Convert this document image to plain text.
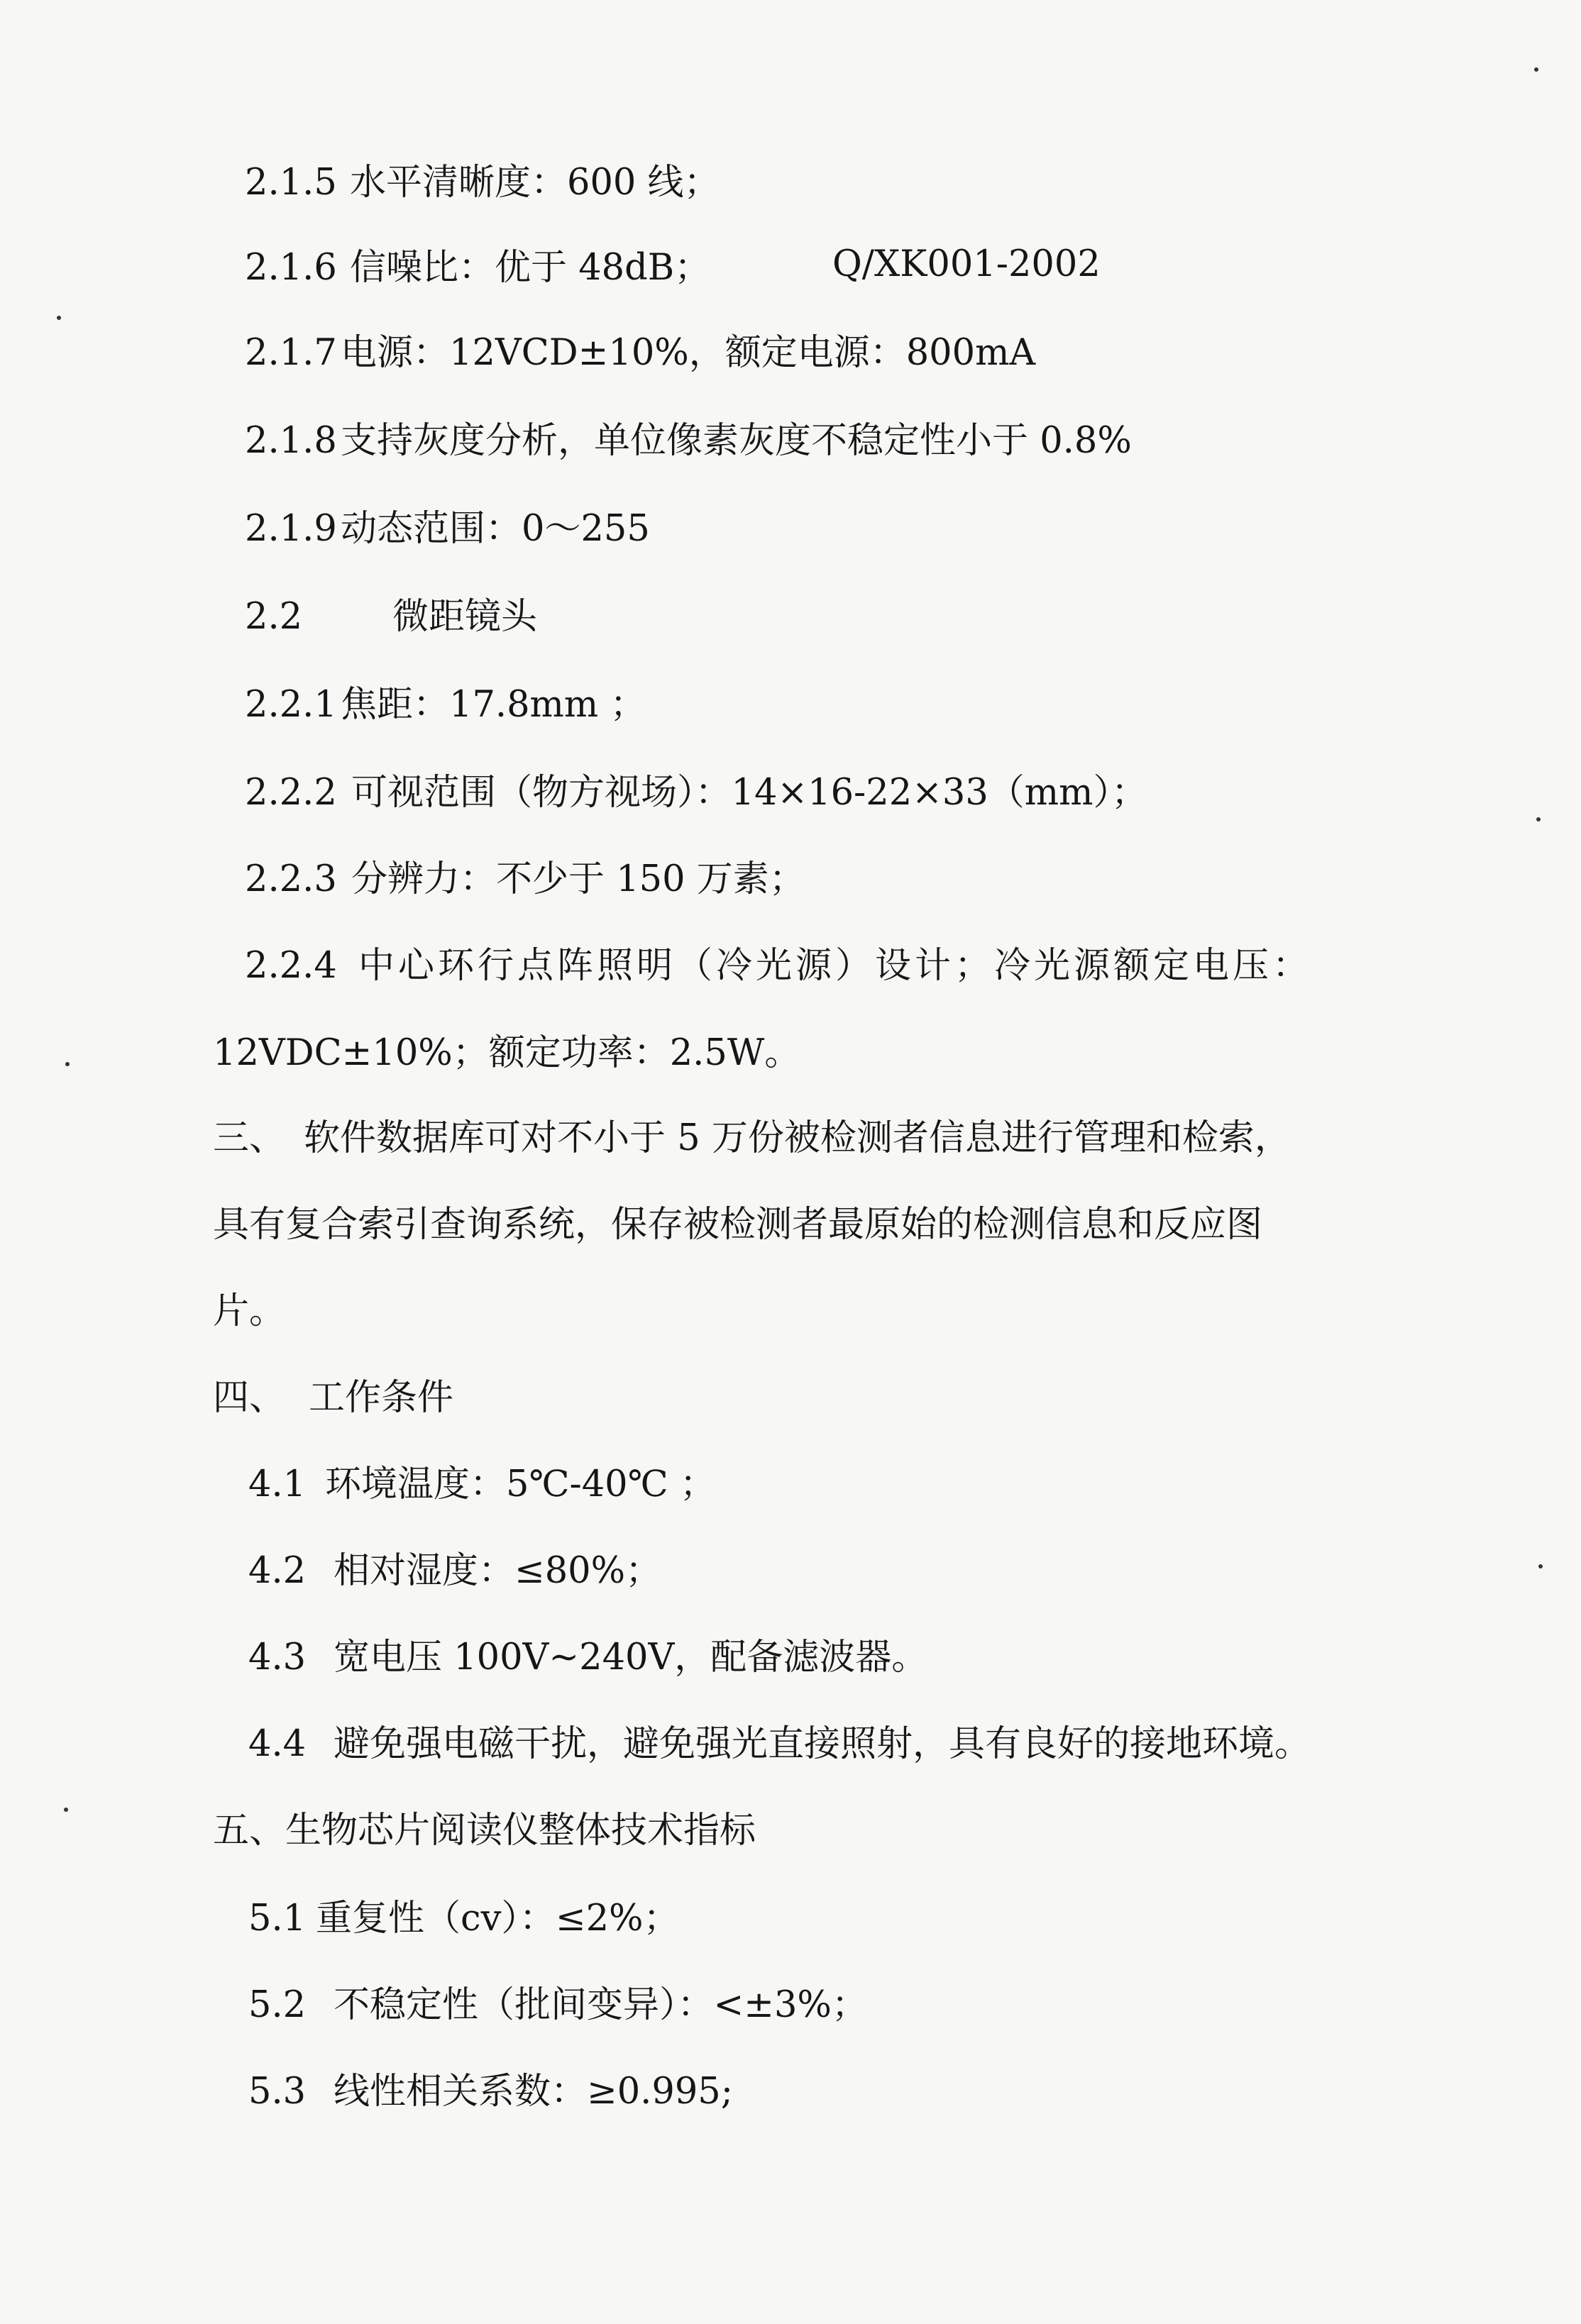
2.1.5 水平清晰度：600 线；
2.1.6 信噪比：优于 48dB；	Q/XK001-2002
2.1.7 电源：12VCD±10%，额定电源：800mA
2.1.8 支持灰度分析，单位像素灰度不稳定性小于 0.8%
2.1.9 动态范围：0～255
2.2 微距镜头
2.2.1 焦距：17.8mm ；
2.2.2 可视范围（物方视场）：14×16-22×33（mm）；
2.2.3 分辨力：不少于 150 万素；
2.2.4 中心环行点阵照明（冷光源）设计；冷光源额定电压：
12VDC±10%；额定功率：2.5W。
三、 软件数据库可对不小于 5 万份被检测者信息进行管理和检索，
具有复合索引查询系统，保存被检测者最原始的检测信息和反应图
片。
四、 工作条件
4.1 环境温度：5℃-40℃ ；
4.2 相对湿度：≤80%；
4.3 宽电压 100V~240V，配备滤波器。
4.4 避免强电磁干扰，避免强光直接照射，具有良好的接地环境。
五、生物芯片阅读仪整体技术指标
5.1 重复性（cv）：≤2%；
5.2 不稳定性（批间变异）：<±3%；
5.3 线性相关系数：≥0.995;
